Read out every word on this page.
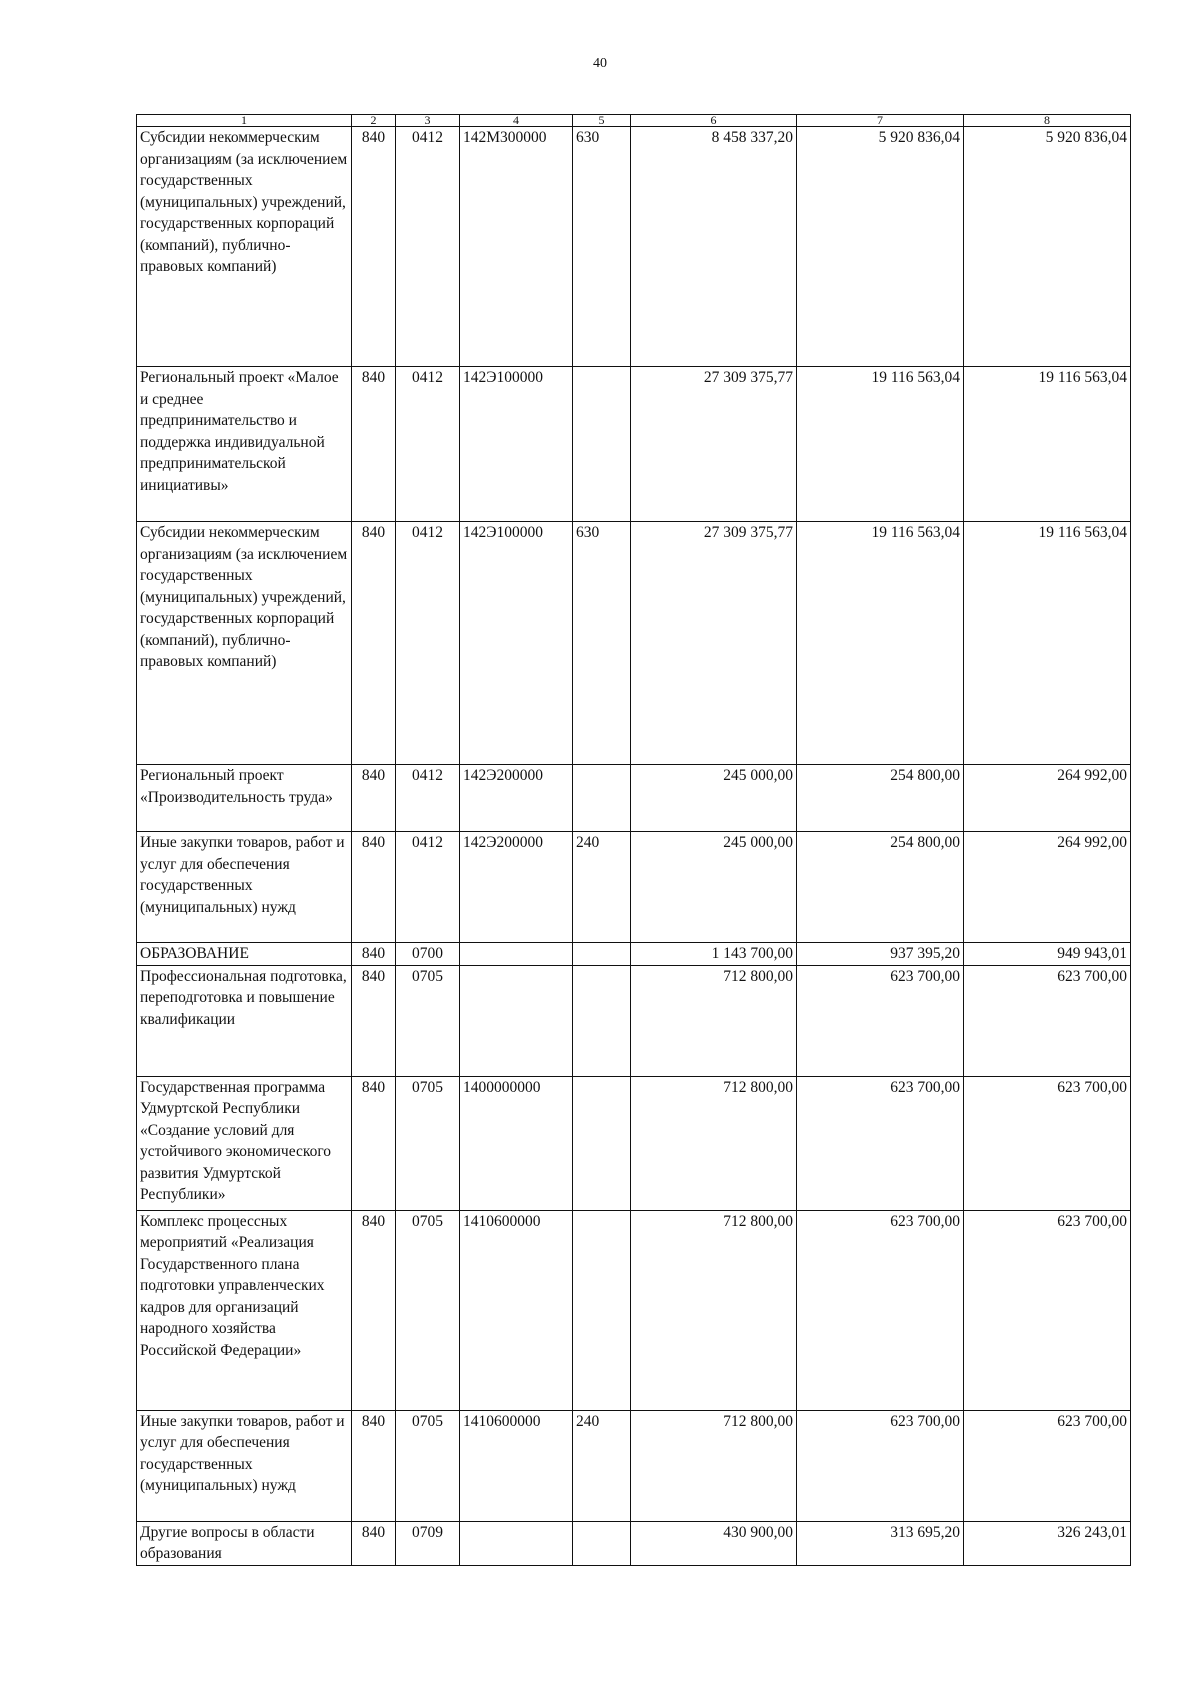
40
1	2	3	4	5	6	7	8
Субсидии некоммерческим организациям (за исключением государственных (муниципальных) учреждений, государственных корпораций (компаний), публично-правовых компаний)	840	0412	142М300000	630	8 458 337,20	5 920 836,04	5 920 836,04
Региональный проект «Малое и среднее предпринимательство и поддержка индивидуальной предпринимательской инициативы»	840	0412	142Э100000		27 309 375,77	19 116 563,04	19 116 563,04
Субсидии некоммерческим организациям (за исключением государственных (муниципальных) учреждений, государственных корпораций (компаний), публично-правовых компаний)	840	0412	142Э100000	630	27 309 375,77	19 116 563,04	19 116 563,04
Региональный проект «Производительность труда»	840	0412	142Э200000		245 000,00	254 800,00	264 992,00
Иные закупки товаров, работ и услуг для обеспечения государственных (муниципальных) нужд	840	0412	142Э200000	240	245 000,00	254 800,00	264 992,00
ОБРАЗОВАНИЕ	840	0700			1 143 700,00	937 395,20	949 943,01
Профессиональная подготовка, переподготовка и повышение квалификации	840	0705			712 800,00	623 700,00	623 700,00
Государственная программа Удмуртской Республики «Создание условий для устойчивого экономического развития Удмуртской Республики»	840	0705	1400000000		712 800,00	623 700,00	623 700,00
Комплекс процессных мероприятий «Реализация Государственного плана подготовки управленческих кадров для организаций народного хозяйства Российской Федерации»	840	0705	1410600000		712 800,00	623 700,00	623 700,00
Иные закупки товаров, работ и услуг для обеспечения государственных (муниципальных) нужд	840	0705	1410600000	240	712 800,00	623 700,00	623 700,00
Другие вопросы в области образования	840	0709			430 900,00	313 695,20	326 243,01
